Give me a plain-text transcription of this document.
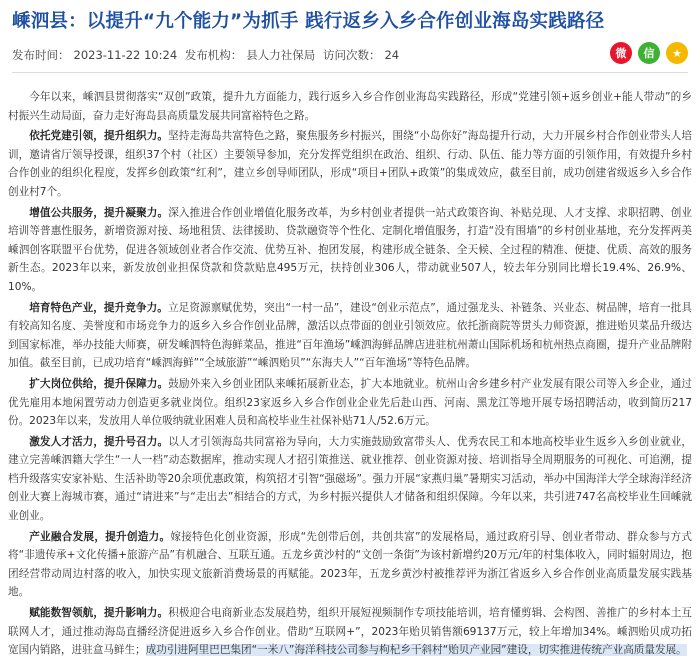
嵊泗县：以提升“九个能力”为抓手 践行返乡入乡合作创业海岛实践路径
发布时间： 2023-11-22 10:24 发布机构： 县人力社保局 访问次数： 24	微	信	★

今年以来，嵊泗县贯彻落实“双创”政策，提升九方面能力，践行返乡入乡合作创业海岛实践路径，形成“党建引领+返乡创业+能人带动”的乡村振兴生动局面，奋力走好海岛县高质量发展共同富裕特色之路。

依托党建引领，提升组织力。坚持走海岛共富特色之路，聚焦服务乡村振兴，围绕“小岛你好”海岛提升行动，大力开展乡村合作创业带头人培训，邀请省厅领导授课，组织37个村（社区）主要领导参加，充分发挥党组织在政治、组织、行动、队伍、能力等方面的引领作用，有效提升乡村合作创业的组织化程度，发挥乡创政策“红利”，建立乡创导师团队，形成“项目+团队+政策”的集成效应，截至目前，成功创建省级返乡入乡合作创业村7个。

增值公共服务，提升凝聚力。深入推进合作创业增值化服务改革，为乡村创业者提供一站式政策咨询、补贴兑现、人才支撑、求职招聘、创业培训等普惠性服务，新增资源对接、场地租赁、法律援助、贷款融资等个性化、定制化增值服务，打造“没有围墙”的乡村创业基地，充分发挥两美嵊泗创客联盟平台优势，促进各领域创业者合作交流、优势互补、抱团发展，构建形成全链条、全天候、全过程的精准、便捷、优质、高效的服务新生态。2023年以来，新发放创业担保贷款和贷款贴息495万元，扶持创业306人，带动就业507人，较去年分别同比增长19.4%、26.9%、10%。

培育特色产业，提升竞争力。立足资源禀赋优势，突出“一村一品”，建设“创业示范点”，通过强龙头、补链条、兴业态、树品牌，培育一批具有较高知名度、美誉度和市场竞争力的返乡入乡合作创业品牌，激活以点带面的创业引领效应。依托浙商院等贯头力师资源，推进贻贝菜品升级达到国家标准，举办技能大师赛，研发嵊泗特色海鲜菜品，推进“百年渔场”嵊泗海鲜品牌店进驻杭州萧山国际机场和杭州热点商圈，提升产业品牌附加值。截至目前，已成功培育“嵊泗海鲜”“全域旅游”“嵊泗贻贝”“东海夫人”“百年渔场”等特色品牌。

扩大岗位供给，提升保障力。鼓励外来入乡创业团队来嵊拓展新业态，扩大本地就业。杭州山舍乡建乡村产业发展有限公司等入乡企业，通过优先雇用本地闲置劳动力创造更多就业岗位。组织23家返乡入乡合作创业企业先后赴山西、河南、黑龙江等地开展专场招聘活动，收到简历217份。2023年以来，发放用人单位吸纳就业困难人员和高校毕业生社保补贴71人/52.6万元。

激发人才活力，提升号召力。以人才引领海岛共同富裕为导向，大力实施鼓励致富带头人、优秀农民工和本地高校毕业生返乡入乡创业就业，建立完善嵊泗籍大学生“一人一档”动态数据库，推动实现人才招引策推送、就业推荐、创业资源对接、培训指导全周期服务的可视化、可追溯，提档升级落实安家补贴、生活补助等20余项优惠政策，构筑招才引智“强磁场”。强力开展“家燕归巢”暑期实习活动，举办中国海洋大学全球海洋经济创业大赛上海城市赛，通过“请进来”与“走出去”相结合的方式，为乡村振兴提供人才储备和组织保障。今年以来，共引进747名高校毕业生回嵊就业创业。

产业融合发展，提升创造力。嫁接特色化创业资源，形成“先创带后创，共创共富”的发展格局，通过政府引导、创业者带动、群众参与方式将“非遗传承+文化传播+旅游产品”有机融合、互联互通。五龙乡黄沙村的“文创一条街”为该村新增约20万元/年的村集体收入，同时辐射周边，抱团经营带动周边村落的收入，加快实现文旅新消费场景的再赋能。2023年，五龙乡黄沙村被推荐评为浙江省返乡入乡合作创业高质量发展实践基地。

赋能数智领航，提升影响力。积极迎合电商新业态发展趋势，组织开展短视频制作专项技能培训，培育懂剪辑、会构图、善推广的乡村本土互联网人才，通过推动海岛直播经济促进返乡入乡合作创业。借助“互联网+”，2023年贻贝销售额69137万元，较上年增加34%。嵊泗贻贝成功拓宽国内销路，进驻盒马鲜生；成功引进阿里巴巴集团“一米八”海洋科技公司参与枸杞乡干斜村“贻贝产业园”建设，切实推进传统产业高质量发展。
